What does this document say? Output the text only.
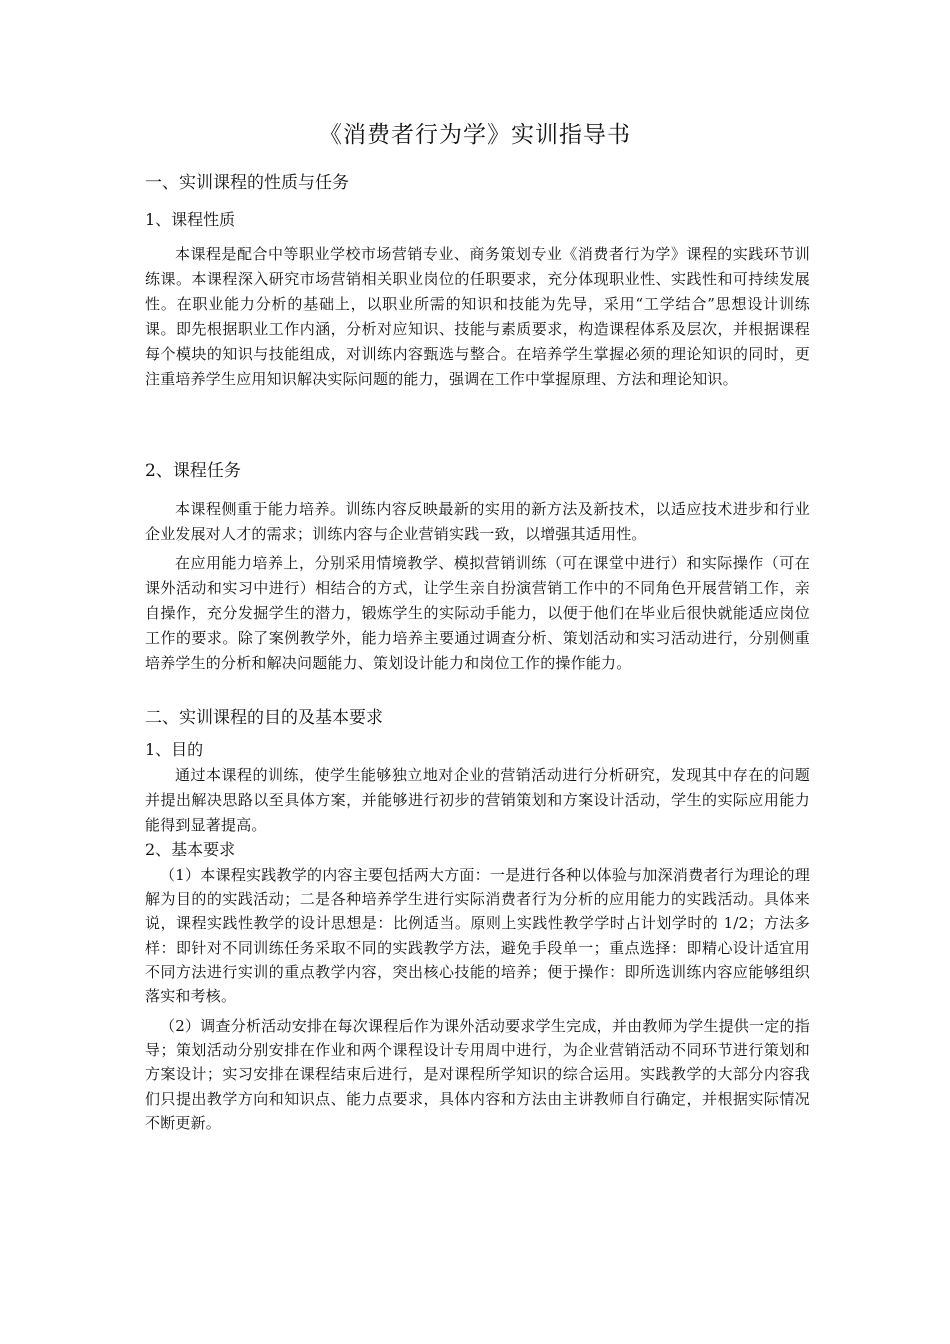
《消费者行为学》实训指导书
一、实训课程的性质与任务
1、课程性质
本课程是配合中等职业学校市场营销专业、商务策划专业《消费者行为学》课程的实践环节训练课。本课程深入研究市场营销相关职业岗位的任职要求，充分体现职业性、实践性和可持续发展性。在职业能力分析的基础上，以职业所需的知识和技能为先导，采用“工学结合”思想设计训练课。即先根据职业工作内涵，分析对应知识、技能与素质要求，构造课程体系及层次，并根据课程每个模块的知识与技能组成，对训练内容甄选与整合。在培养学生掌握必须的理论知识的同时，更注重培养学生应用知识解决实际问题的能力，强调在工作中掌握原理、方法和理论知识。
2、课程任务
本课程侧重于能力培养。训练内容反映最新的实用的新方法及新技术，以适应技术进步和行业企业发展对人才的需求；训练内容与企业营销实践一致，以增强其适用性。
在应用能力培养上，分别采用情境教学、模拟营销训练（可在课堂中进行）和实际操作（可在课外活动和实习中进行）相结合的方式，让学生亲自扮演营销工作中的不同角色开展营销工作，亲自操作，充分发掘学生的潜力，锻炼学生的实际动手能力，以便于他们在毕业后很快就能适应岗位工作的要求。除了案例教学外，能力培养主要通过调查分析、策划活动和实习活动进行，分别侧重培养学生的分析和解决问题能力、策划设计能力和岗位工作的操作能力。
二、实训课程的目的及基本要求
1、目的
通过本课程的训练，使学生能够独立地对企业的营销活动进行分析研究，发现其中存在的问题并提出解决思路以至具体方案，并能够进行初步的营销策划和方案设计活动，学生的实际应用能力能得到显著提高。
2、基本要求
（1）本课程实践教学的内容主要包括两大方面：一是进行各种以体验与加深消费者行为理论的理解为目的的实践活动；二是各种培养学生进行实际消费者行为分析的应用能力的实践活动。具体来说，课程实践性教学的设计思想是：比例适当。原则上实践性教学学时占计划学时的 1/2；方法多样：即针对不同训练任务采取不同的实践教学方法，避免手段单一；重点选择：即精心设计适宜用不同方法进行实训的重点教学内容，突出核心技能的培养；便于操作：即所选训练内容应能够组织落实和考核。
（2）调查分析活动安排在每次课程后作为课外活动要求学生完成，并由教师为学生提供一定的指导；策划活动分别安排在作业和两个课程设计专用周中进行，为企业营销活动不同环节进行策划和方案设计；实习安排在课程结束后进行，是对课程所学知识的综合运用。实践教学的大部分内容我们只提出教学方向和知识点、能力点要求，具体内容和方法由主讲教师自行确定，并根据实际情况不断更新。
